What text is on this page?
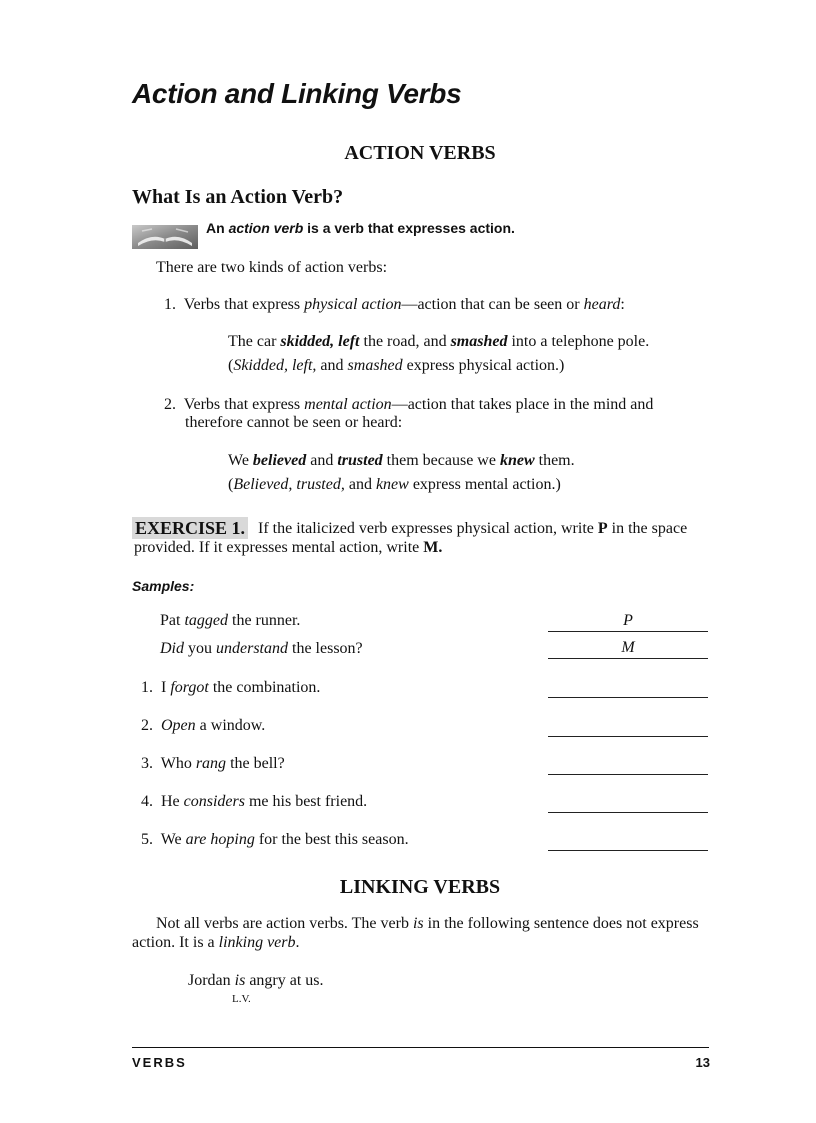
Action and Linking Verbs
ACTION VERBS
What Is an Action Verb?
An action verb is a verb that expresses action.
There are two kinds of action verbs:
1. Verbs that express physical action—action that can be seen or heard:
The car skidded, left the road, and smashed into a telephone pole.
(Skidded, left, and smashed express physical action.)
2. Verbs that express mental action—action that takes place in the mind and
therefore cannot be seen or heard:
We believed and trusted them because we knew them.
(Believed, trusted, and knew express mental action.)
EXERCISE 1. If the italicized verb expresses physical action, write P in the space
provided. If it expresses mental action, write M.
Samples:
Pat tagged the runner.	P
Did you understand the lesson?	M
1. I forgot the combination.
2. Open a window.
3. Who rang the bell?
4. He considers me his best friend.
5. We are hoping for the best this season.
LINKING VERBS
Not all verbs are action verbs. The verb is in the following sentence does not express
action. It is a linking verb.
Jordan is angry at us.
L.V.
VERBS	13
